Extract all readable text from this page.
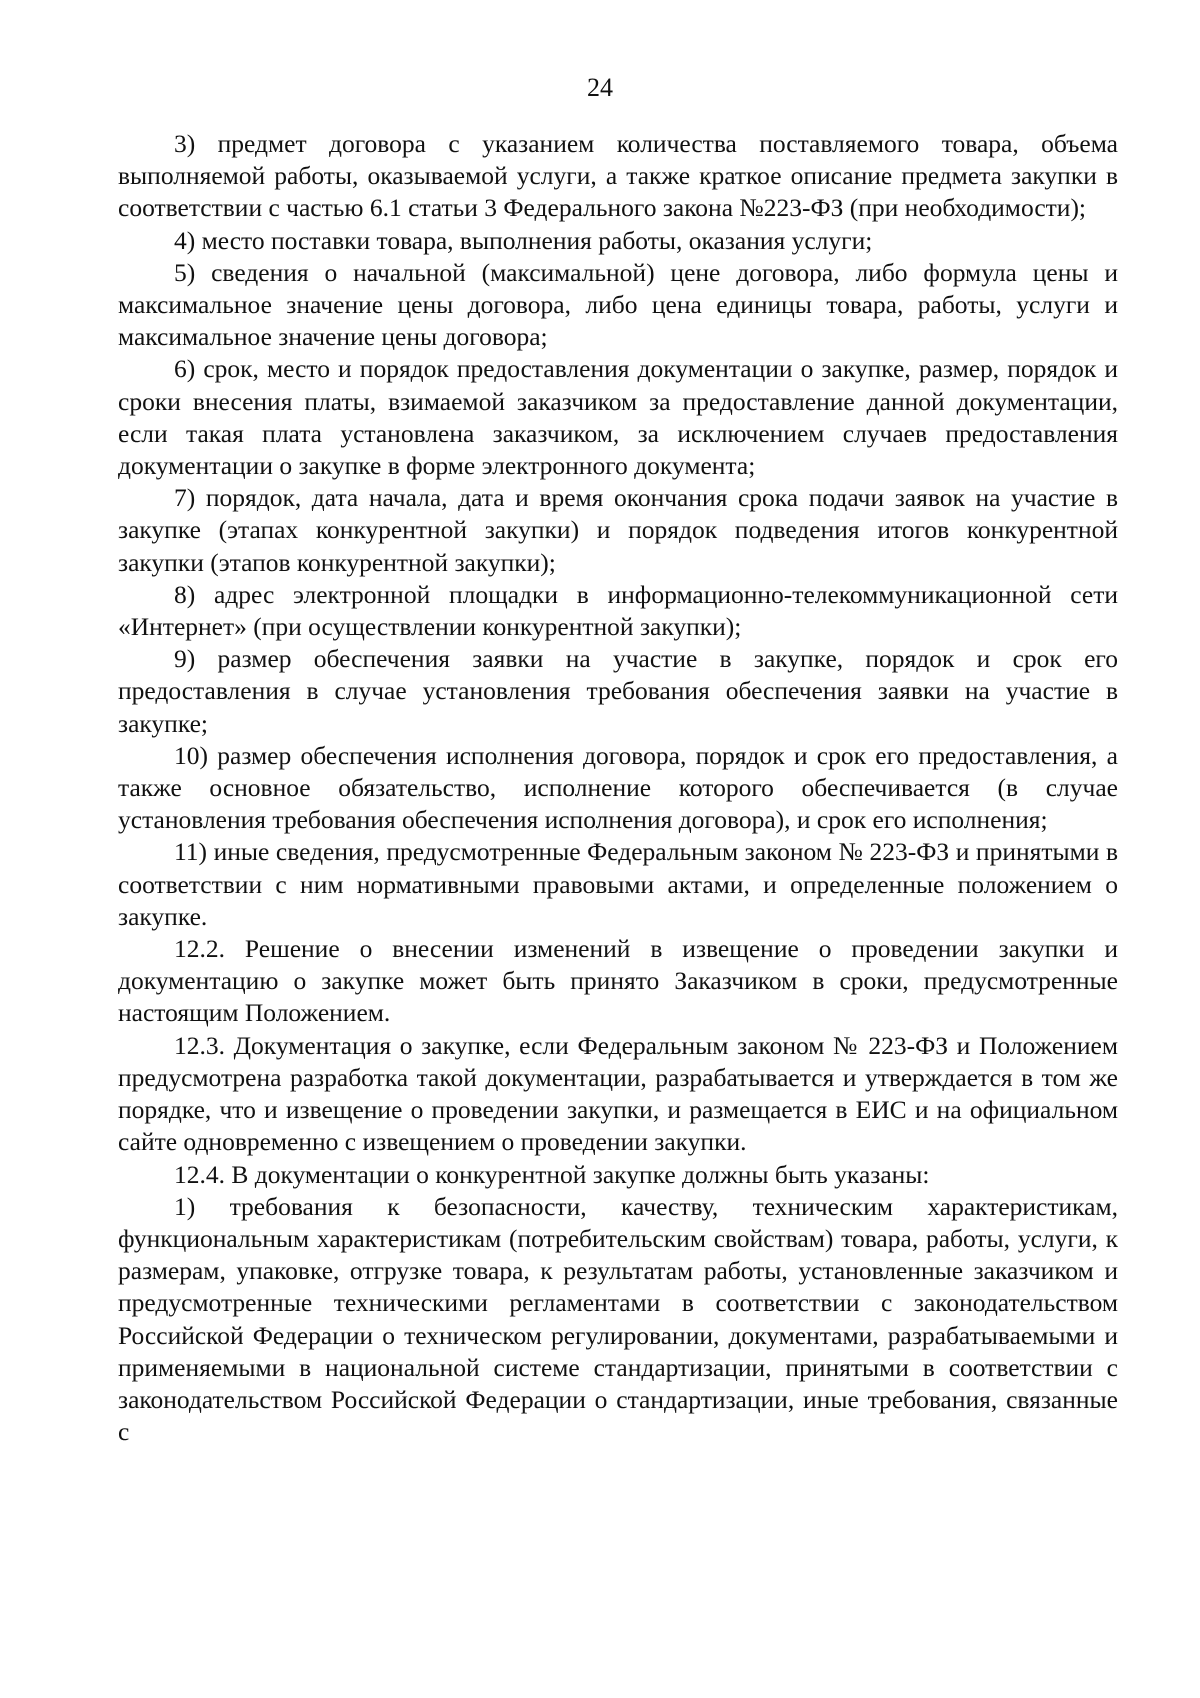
24

3) предмет договора с указанием количества поставляемого товара, объема выполняемой работы, оказываемой услуги, а также краткое описание предмета закупки в соответствии с частью 6.1 статьи 3 Федерального закона №223-ФЗ (при необходимости);

4) место поставки товара, выполнения работы, оказания услуги;

5) сведения о начальной (максимальной) цене договора, либо формула цены и максимальное значение цены договора, либо цена единицы товара, работы, услуги и максимальное значение цены договора;

6) срок, место и порядок предоставления документации о закупке, размер, порядок и сроки внесения платы, взимаемой заказчиком за предоставление данной документации, если такая плата установлена заказчиком, за исключением случаев предоставления документации о закупке в форме электронного документа;

7) порядок, дата начала, дата и время окончания срока подачи заявок на участие в закупке (этапах конкурентной закупки) и порядок подведения итогов конкурентной закупки (этапов конкурентной закупки);

8) адрес электронной площадки в информационно-телекоммуникационной сети «Интернет» (при осуществлении конкурентной закупки);

9) размер обеспечения заявки на участие в закупке, порядок и срок его предоставления в случае установления требования обеспечения заявки на участие в закупке;

10) размер обеспечения исполнения договора, порядок и срок его предоставления, а также основное обязательство, исполнение которого обеспечивается (в случае установления требования обеспечения исполнения договора), и срок его исполнения;

11) иные сведения, предусмотренные Федеральным законом № 223-ФЗ и принятыми в соответствии с ним нормативными правовыми актами, и определенные положением о закупке.

12.2. Решение о внесении изменений в извещение о проведении закупки и документацию о закупке может быть принято Заказчиком в сроки, предусмотренные настоящим Положением.

12.3. Документация о закупке, если Федеральным законом № 223-ФЗ и Положением предусмотрена разработка такой документации, разрабатывается и утверждается в том же порядке, что и извещение о проведении закупки, и размещается в ЕИС и на официальном сайте одновременно с извещением о проведении закупки.

12.4. В документации о конкурентной закупке должны быть указаны:

1) требования к безопасности, качеству, техническим характеристикам, функциональным характеристикам (потребительским свойствам) товара, работы, услуги, к размерам, упаковке, отгрузке товара, к результатам работы, установленные заказчиком и предусмотренные техническими регламентами в соответствии с законодательством Российской Федерации о техническом регулировании, документами, разрабатываемыми и применяемыми в национальной системе стандартизации, принятыми в соответствии с законодательством Российской Федерации о стандартизации, иные требования, связанные с
